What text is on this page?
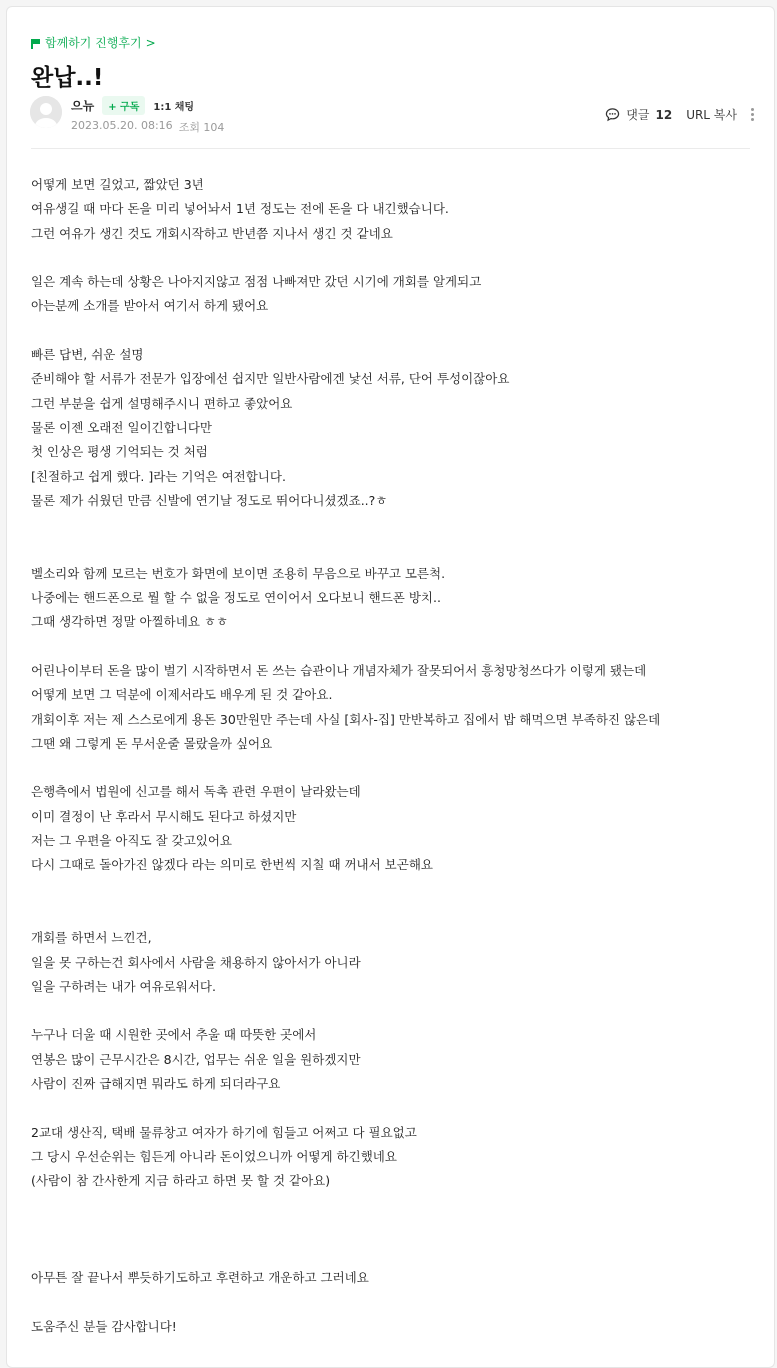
함께하기 진행후기 >
완납..!
으뉴	+ 구독	1:1 채팅
2023.05.20. 08:16 조회 104
댓글 12 URL 복사
어떻게 보면 길었고, 짧았던 3년
여유생길 때 마다 돈을 미리 넣어놔서 1년 정도는 전에 돈을 다 내긴했습니다.
그런 여유가 생긴 것도 개회시작하고 반년쯤 지나서 생긴 것 같네요
일은 계속 하는데 상황은 나아지지않고 점점 나빠져만 갔던 시기에 개회를 알게되고
아는분께 소개를 받아서 여기서 하게 됐어요
빠른 답변, 쉬운 설명
준비해야 할 서류가 전문가 입장에선 쉽지만 일반사람에겐 낯선 서류, 단어 투성이잖아요
그런 부분을 쉽게 설명해주시니 편하고 좋았어요
물론 이젠 오래전 일이긴합니다만
첫 인상은 평생 기억되는 것 처럼
[친절하고 쉽게 했다. ]라는 기억은 여전합니다.
물론 제가 쉬웠던 만큼 신발에 연기날 정도로 뛰어다니셨겠죠..?ㅎ
벨소리와 함께 모르는 번호가 화면에 보이면 조용히 무음으로 바꾸고 모른척.
나중에는 핸드폰으로 뭘 할 수 없을 정도로 연이어서 오다보니 핸드폰 방치..
그때 생각하면 정말 아찔하네요 ㅎㅎ
어린나이부터 돈을 많이 벌기 시작하면서 돈 쓰는 습관이나 개념자체가 잘못되어서 흥청망청쓰다가 이렇게 됐는데
어떻게 보면 그 덕분에 이제서라도 배우게 된 것 같아요.
개회이후 저는 제 스스로에게 용돈 30만원만 주는데 사실 [회사-집] 만반복하고 집에서 밥 해먹으면 부족하진 않은데
그땐 왜 그렇게 돈 무서운줄 몰랐을까 싶어요
은행측에서 법원에 신고를 해서 독촉 관련 우편이 날라왔는데
이미 결정이 난 후라서 무시해도 된다고 하셨지만
저는 그 우편을 아직도 잘 갖고있어요
다시 그때로 돌아가진 않겠다 라는 의미로 한번씩 지칠 때 꺼내서 보곤해요
개회를 하면서 느낀건,
일을 못 구하는건 회사에서 사람을 채용하지 않아서가 아니라
일을 구하려는 내가 여유로워서다.
누구나 더울 때 시원한 곳에서 추울 때 따뜻한 곳에서
연봉은 많이 근무시간은 8시간, 업무는 쉬운 일을 원하겠지만
사람이 진짜 급해지면 뭐라도 하게 되더라구요
2교대 생산직, 택배 물류창고 여자가 하기에 힘들고 어쩌고 다 필요없고
그 당시 우선순위는 힘든게 아니라 돈이었으니까 어떻게 하긴했네요
(사람이 참 간사한게 지금 하라고 하면 못 할 것 같아요)
아무튼 잘 끝나서 뿌듯하기도하고 후련하고 개운하고 그러네요
도움주신 분들 감사합니다!
